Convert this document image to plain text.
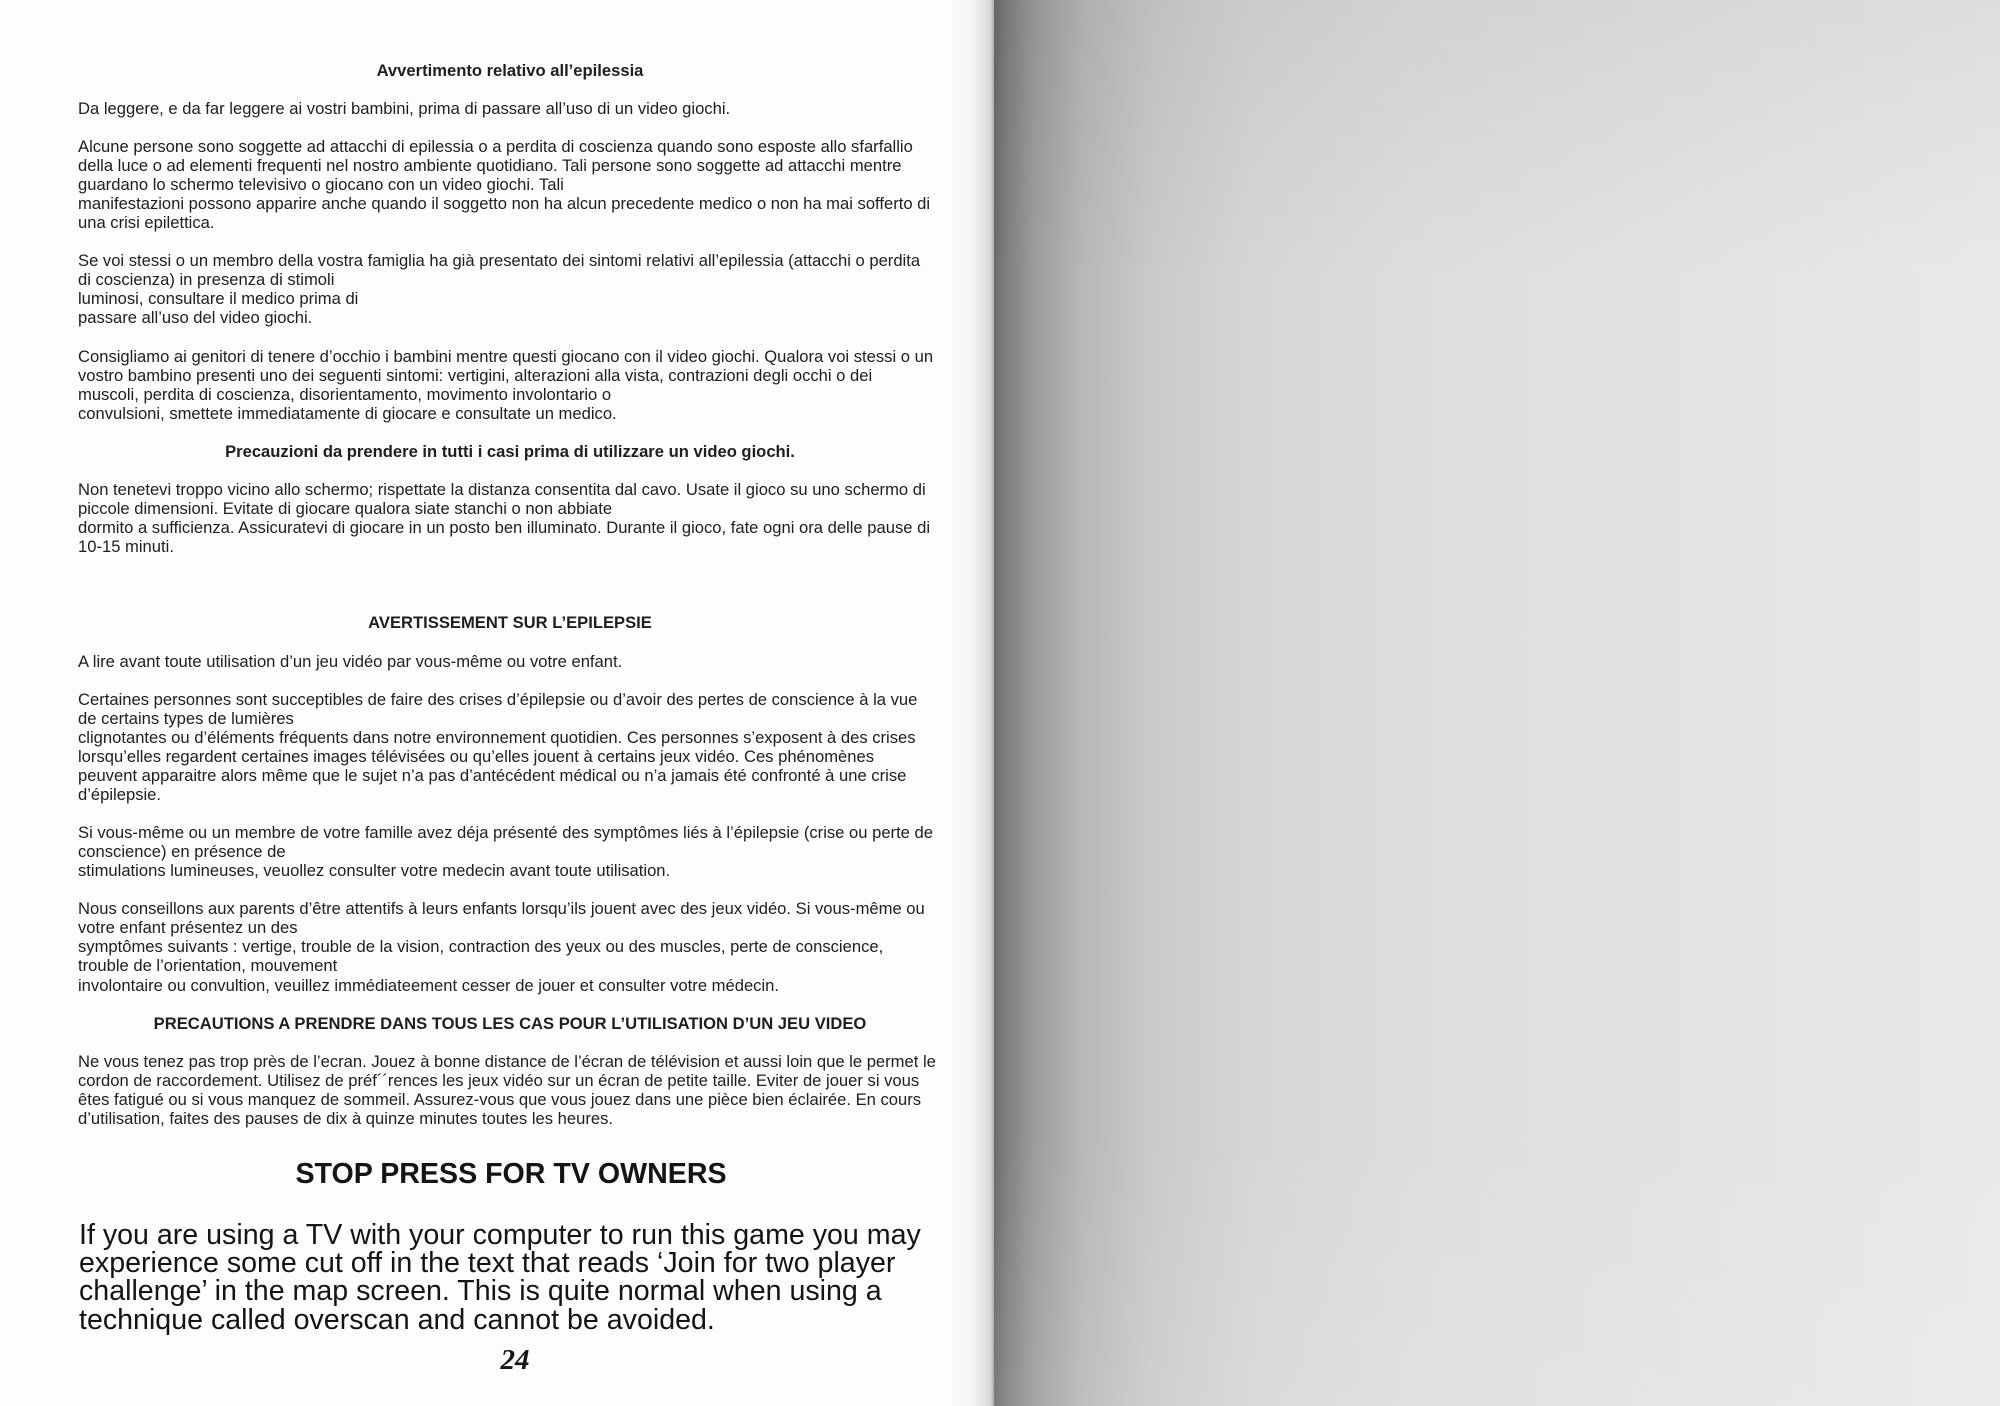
Avvertimento relativo all’epilessia
Da leggere, e da far leggere ai vostri bambini, prima di passare all’uso di un video giochi.
Alcune persone sono soggette ad attacchi di epilessia o a perdita di coscienza quando sono esposte allo sfarfallio
della luce o ad elementi frequenti nel nostro ambiente quotidiano. Tali persone sono soggette ad attacchi mentre
guardano lo schermo televisivo o giocano con un video giochi. Tali
manifestazioni possono apparire anche quando il soggetto non ha alcun precedente medico o non ha mai sofferto di
una crisi epilettica.
Se voi stessi o un membro della vostra famiglia ha già presentato dei sintomi relativi all’epilessia (attacchi o perdita
di coscienza) in presenza di stimoli
luminosi, consultare il medico prima di
passare all’uso del video giochi.
Consigliamo ai genitori di tenere d’occhio i bambini mentre questi giocano con il video giochi. Qualora voi stessi o un
vostro bambino presenti uno dei seguenti sintomi: vertigini, alterazioni alla vista, contrazioni degli occhi o dei
muscoli, perdita di coscienza, disorientamento, movimento involontario o
convulsioni, smettete immediatamente di giocare e consultate un medico.
Precauzioni da prendere in tutti i casi prima di utilizzare un video giochi.
Non tenetevi troppo vicino allo schermo; rispettate la distanza consentita dal cavo. Usate il gioco su uno schermo di
piccole dimensioni. Evitate di giocare qualora siate stanchi o non abbiate
dormito a sufficienza. Assicuratevi di giocare in un posto ben illuminato. Durante il gioco, fate ogni ora delle pause di
10-15 minuti.
AVERTISSEMENT SUR L’EPILEPSIE
A lire avant toute utilisation d’un jeu vidéo par vous-même ou votre enfant.
Certaines personnes sont succeptibles de faire des crises d’épilepsie ou d’avoir des pertes de conscience à la vue
de certains types de lumières
clignotantes ou d’éléments fréquents dans notre environnement quotidien. Ces personnes s’exposent à des crises
lorsqu’elles regardent certaines images télévisées ou qu’elles jouent à certains jeux vidéo. Ces phénomènes
peuvent apparaitre alors même que le sujet n’a pas d’antécédent médical ou n’a jamais été confronté à une crise
d’épilepsie.
Si vous-même ou un membre de votre famille avez déja présenté des symptômes liés à l’épilepsie (crise ou perte de
conscience) en présence de
stimulations lumineuses, veuollez consulter votre medecin avant toute utilisation.
Nous conseillons aux parents d’être attentifs à leurs enfants lorsqu’ils jouent avec des jeux vidéo. Si vous-même ou
votre enfant présentez un des
symptômes suivants : vertige, trouble de la vision, contraction des yeux ou des muscles, perte de conscience,
trouble de l’orientation, mouvement
involontaire ou convultion, veuillez immédiateement cesser de jouer et consulter votre médecin.
PRECAUTIONS A PRENDRE DANS TOUS LES CAS POUR L’UTILISATION D’UN JEU VIDEO
Ne vous tenez pas trop près de l’ecran. Jouez à bonne distance de l’écran de télévision et aussi loin que le permet le
cordon de raccordement. Utilisez de préf´´rences les jeux vidéo sur un écran de petite taille. Eviter de jouer si vous
êtes fatigué ou si vous manquez de sommeil. Assurez-vous que vous jouez dans une pièce bien éclairée. En cours
d’utilisation, faites des pauses de dix à quinze minutes toutes les heures.
STOP PRESS FOR TV OWNERS
If you are using a TV with your computer to run this game you may
experience some cut off in the text that reads ‘Join for two player
challenge’ in the map screen. This is quite normal when using a
technique called overscan and cannot be avoided.
24
